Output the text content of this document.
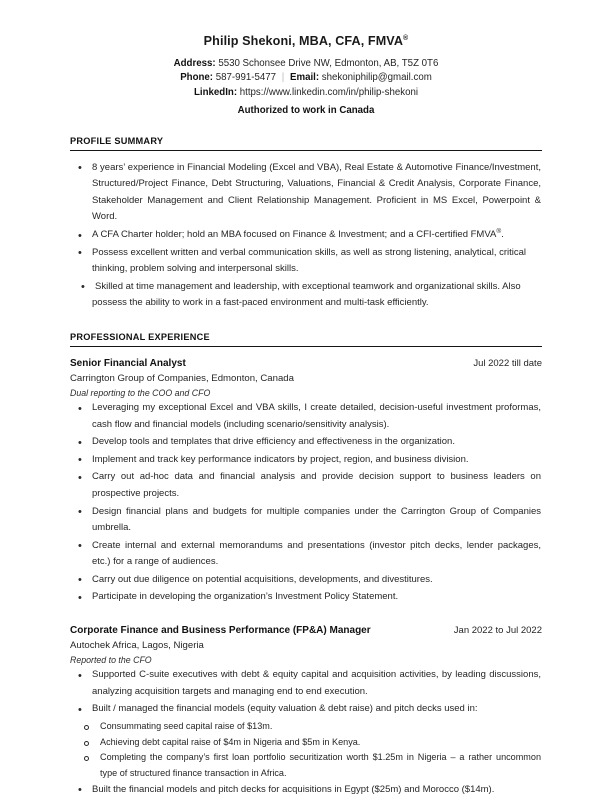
Philip Shekoni, MBA, CFA, FMVA®
Address: 5530 Schonsee Drive NW, Edmonton, AB, T5Z 0T6
Phone: 587-991-5477 | Email: shekoniphilip@gmail.com
LinkedIn: https://www.linkedin.com/in/philip-shekoni
Authorized to work in Canada
PROFILE SUMMARY
• 8 years’ experience in Financial Modeling (Excel and VBA), Real Estate & Automotive Finance/Investment, Structured/Project Finance, Debt Structuring, Valuations, Financial & Credit Analysis, Corporate Finance, Stakeholder Management and Client Relationship Management. Proficient in MS Excel, Powerpoint & Word.
• A CFA Charter holder; hold an MBA focused on Finance & Investment; and a CFI-certified FMVA®.
• Possess excellent written and verbal communication skills, as well as strong listening, analytical, critical thinking, problem solving and interpersonal skills.
• Skilled at time management and leadership, with exceptional teamwork and organizational skills. Also possess the ability to work in a fast-paced environment and multi-task efficiently.
PROFESSIONAL EXPERIENCE
Senior Financial Analyst	Jul 2022 till date
Carrington Group of Companies, Edmonton, Canada
Dual reporting to the COO and CFO
• Leveraging my exceptional Excel and VBA skills, I create detailed, decision-useful investment proformas, cash flow and financial models (including scenario/sensitivity analysis).
• Develop tools and templates that drive efficiency and effectiveness in the organization.
• Implement and track key performance indicators by project, region, and business division.
• Carry out ad-hoc data and financial analysis and provide decision support to business leaders on prospective projects.
• Design financial plans and budgets for multiple companies under the Carrington Group of Companies umbrella.
• Create internal and external memorandums and presentations (investor pitch decks, lender packages, etc.) for a range of audiences.
• Carry out due diligence on potential acquisitions, developments, and divestitures.
• Participate in developing the organization’s Investment Policy Statement.
Corporate Finance and Business Performance (FP&A) Manager	Jan 2022 to Jul 2022
Autochek Africa, Lagos, Nigeria
Reported to the CFO
• Supported C-suite executives with debt & equity capital and acquisition activities, by leading discussions, analyzing acquisition targets and managing end to end execution.
• Built / managed the financial models (equity valuation & debt raise) and pitch decks used in:
Consummating seed capital raise of $13m.
Achieving debt capital raise of $4m in Nigeria and $5m in Kenya.
Completing the company’s first loan portfolio securitization worth $1.25m in Nigeria – a rather uncommon type of structured finance transaction in Africa.
• Built the financial models and pitch decks for acquisitions in Egypt ($25m) and Morocco ($14m).
